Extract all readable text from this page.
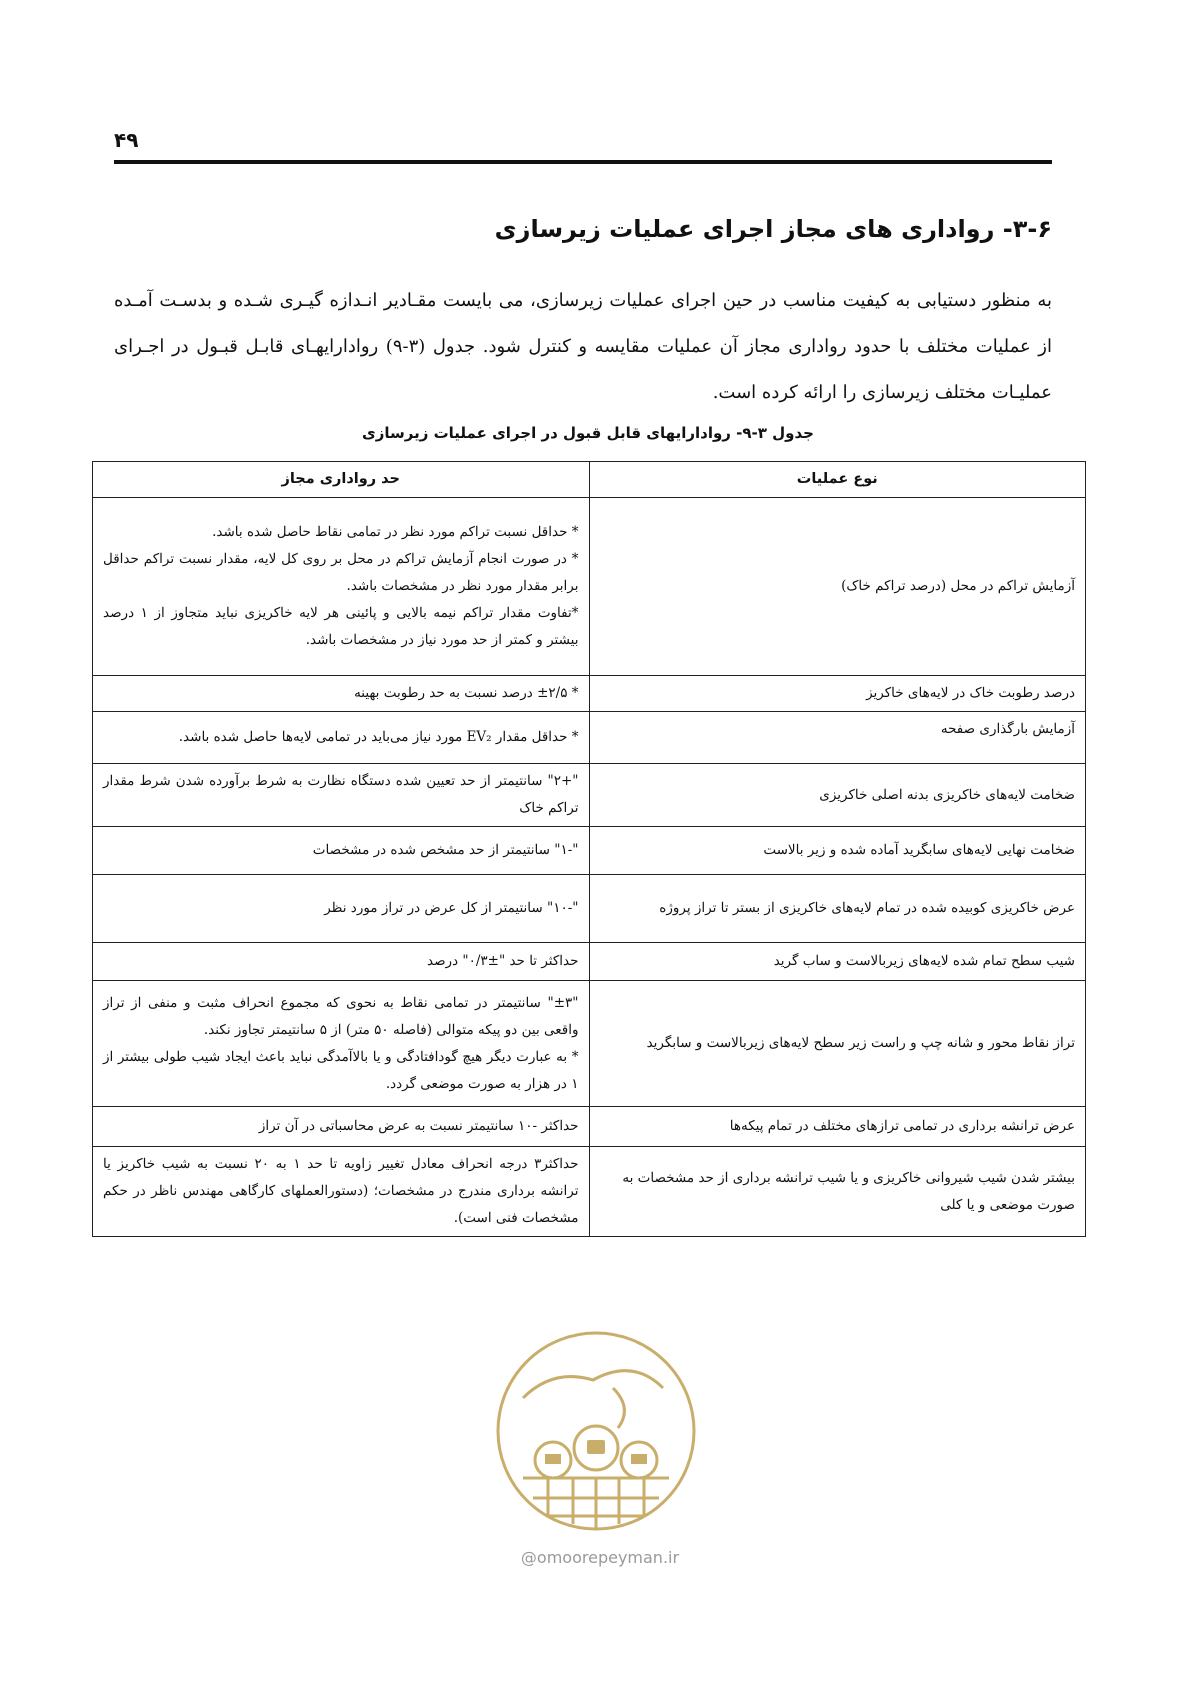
۴۹
۳-۶- رواداری های مجاز اجرای عملیات زیرسازی
به منظور دستیابی به کیفیت مناسب در حین اجرای عملیات زیرسازی، می بایست مقـادیر انـدازه گیـری شـده و بدسـت آمـده از عملیات مختلف با حدود رواداری مجاز آن عملیات مقایسه و کنترل شود. جدول (۳-۹) روادارایهـای قابـل قبـول در اجـرای عملیـات مختلف زیرسازی را ارائه کرده است.
جدول ۳-۹- روادارایهای قابل قبول در اجرای عملیات زیرسازی
نوع عملیات	حد رواداری مجاز
آزمایش تراکم در محل (درصد تراکم خاک)	* حداقل نسبت تراکم مورد نظر در تمامی نقاط حاصل شده باشد.
* در صورت انجام آزمایش تراکم در محل بر روی کل لایه، مقدار نسبت تراکم حداقل برابر مقدار مورد نظر در مشخصات باشد.
*تفاوت مقدار تراکم نیمه بالایی و پائینی هر لایه خاکریزی نباید متجاوز از ۱ درصد بیشتر و کمتر از حد مورد نیاز در مشخصات باشد.

درصد رطوبت خاک در لایه‌های خاکریز	* ±۲/۵ درصد نسبت به حد رطوبت بهینه

آزمایش بارگذاری صفحه	* حداقل مقدار EV₂ مورد نیاز می‌باید در تمامی لایه‌ها حاصل شده باشد.

ضخامت لایه‌های خاکریزی بدنه اصلی خاکریزی	"+۲" سانتیمتر از حد تعیین شده دستگاه نظارت به شرط برآورده شدن شرط مقدار تراکم خاک

ضخامت نهایی لایه‌های سابگرید آماده شده و زیر بالاست	"-۱" سانتیمتر از حد مشخص شده در مشخصات

عرض خاکریزی کوبیده شده در تمام لایه‌های خاکریزی از بستر تا تراز پروژه	"-۱۰" سانتیمتر از کل عرض در تراز مورد نظر

شیب سطح تمام شده لایه‌های زیربالاست و ساب گرید	حداکثر تا حد "±۰/۳" درصد

تراز نقاط محور و شانه چپ و راست زیر سطح لایه‌های زیربالاست و سابگرید	"±۳" سانتیمتر در تمامی نقاط به نحوی که مجموع انحراف مثبت و منفی از تراز واقعی بین دو پیکه متوالی (فاصله ۵۰ متر) از ۵ سانتیمتر تجاوز نکند.
* به عبارت دیگر هیچ گودافتادگی و یا بالاآمدگی نباید باعث ایجاد شیب طولی بیشتر از ۱ در هزار به صورت موضعی گردد.

عرض ترانشه برداری در تمامی ترازهای مختلف در تمام پیکه‌ها	حداکثر -۱۰ سانتیمتر نسبت به عرض محاسباتی در آن تراز

بیشتر شدن شیب شیروانی خاکریزی و یا شیب ترانشه برداری از حد مشخصات به صورت موضعی و یا کلی	حداکثر۳ درجه انحراف معادل تغییر زاویه تا حد ۱ به ۲۰ نسبت به شیب خاکریز یا ترانشه برداری مندرج در مشخصات؛ (دستورالعملهای کارگاهی مهندس ناظر در حکم مشخصات فنی است).
@omoorepeyman.ir
